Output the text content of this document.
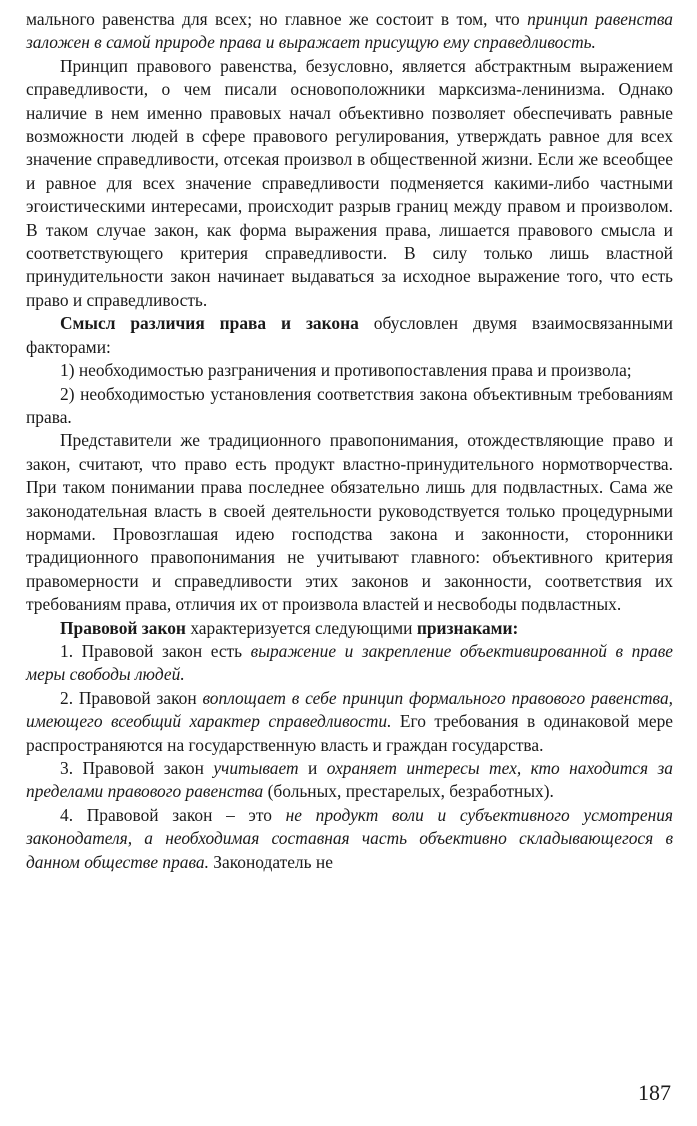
мального равенства для всех; но главное же состоит в том, что принцип равенства заложен в самой природе права и выражает присущую ему справедливость.

Принцип правового равенства, безусловно, является абстрактным выражением справедливости, о чем писали основоположники марксизма-ленинизма. Однако наличие в нем именно правовых начал объективно позволяет обеспечивать равные возможности людей в сфере правового регулирования, утверждать равное для всех значение справедливости, отсекая произвол в общественной жизни. Если же всеобщее и равное для всех значение справедливости подменяется какими-либо частными эгоистическими интересами, происходит разрыв границ между правом и произволом. В таком случае закон, как форма выражения права, лишается правового смысла и соответствующего критерия справедливости. В силу только лишь властной принудительности закон начинает выдаваться за исходное выражение того, что есть право и справедливость.

Смысл различия права и закона обусловлен двумя взаимосвязанными факторами:

1) необходимостью разграничения и противопоставления права и произвола;

2) необходимостью установления соответствия закона объективным требованиям права.

Представители же традиционного правопонимания, отождествляющие право и закон, считают, что право есть продукт властно-принудительного нормотворчества. При таком понимании права последнее обязательно лишь для подвластных. Сама же законодательная власть в своей деятельности руководствуется только процедурными нормами. Провозглашая идею господства закона и законности, сторонники традиционного правопонимания не учитывают главного: объективного критерия правомерности и справедливости этих законов и законности, соответствия их требованиям права, отличия их от произвола властей и несвободы подвластных.

Правовой закон характеризуется следующими признаками:

1. Правовой закон есть выражение и закрепление объективированной в праве меры свободы людей.

2. Правовой закон воплощает в себе принцип формального правового равенства, имеющего всеобщий характер справедливости. Его требования в одинаковой мере распространяются на государственную власть и граждан государства.

3. Правовой закон учитывает и охраняет интересы тех, кто находится за пределами правового равенства (больных, престарелых, безработных).

4. Правовой закон – это не продукт воли и субъективного усмотрения законодателя, а необходимая составная часть объективно складывающегося в данном обществе права. Законодатель не

187
